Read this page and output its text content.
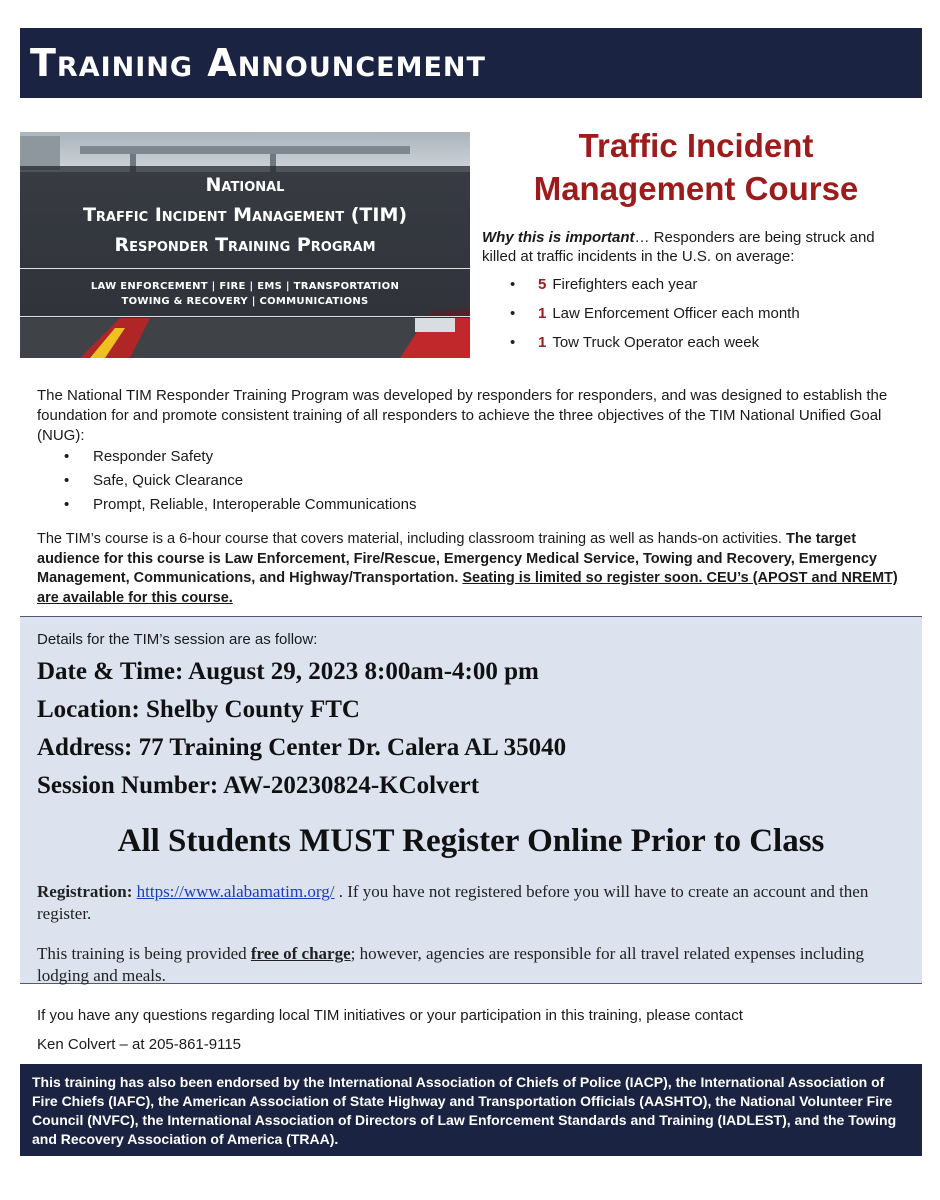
Training Announcement
National
Traffic Incident Management (TIM)
Responder Training Program
LAW ENFORCEMENT | FIRE | EMS | TRANSPORTATION
TOWING & RECOVERY | COMMUNICATIONS
Traffic Incident
Management Course

Why this is important… Responders are being struck and killed at traffic incidents in the U.S. on average:

• 5 Firefighters each year
• 1 Law Enforcement Officer each month
• 1 Tow Truck Operator each week

The National TIM Responder Training Program was developed by responders for responders, and was designed to establish the foundation for and promote consistent training of all responders to achieve the three objectives of the TIM National Unified Goal (NUG):

• Responder Safety
• Safe, Quick Clearance
• Prompt, Reliable, Interoperable Communications

The TIM’s course is a 6-hour course that covers material, including classroom training as well as hands-on activities. The target audience for this course is Law Enforcement, Fire/Rescue, Emergency Medical Service, Towing and Recovery, Emergency Management, Communications, and Highway/Transportation. Seating is limited so register soon. CEU’s (APOST and NREMT) are available for this course.

Details for the TIM’s session are as follow:

Date & Time: August 29, 2023 8:00am-4:00 pm

Location: Shelby County FTC

Address: 77 Training Center Dr. Calera AL 35040

Session Number: AW-20230824-KColvert

All Students MUST Register Online Prior to Class

Registration: https://www.alabamatim.org/ . If you have not registered before you will have to create an account and then register.

This training is being provided free of charge; however, agencies are responsible for all travel related expenses including lodging and meals.

If you have any questions regarding local TIM initiatives or your participation in this training, please contact

Ken Colvert – at 205-861-9115

This training has also been endorsed by the International Association of Chiefs of Police (IACP), the International Association of Fire Chiefs (IAFC), the American Association of State Highway and Transportation Officials (AASHTO), the National Volunteer Fire Council (NVFC), the International Association of Directors of Law Enforcement Standards and Training (IADLEST), and the Towing and Recovery Association of America (TRAA).
